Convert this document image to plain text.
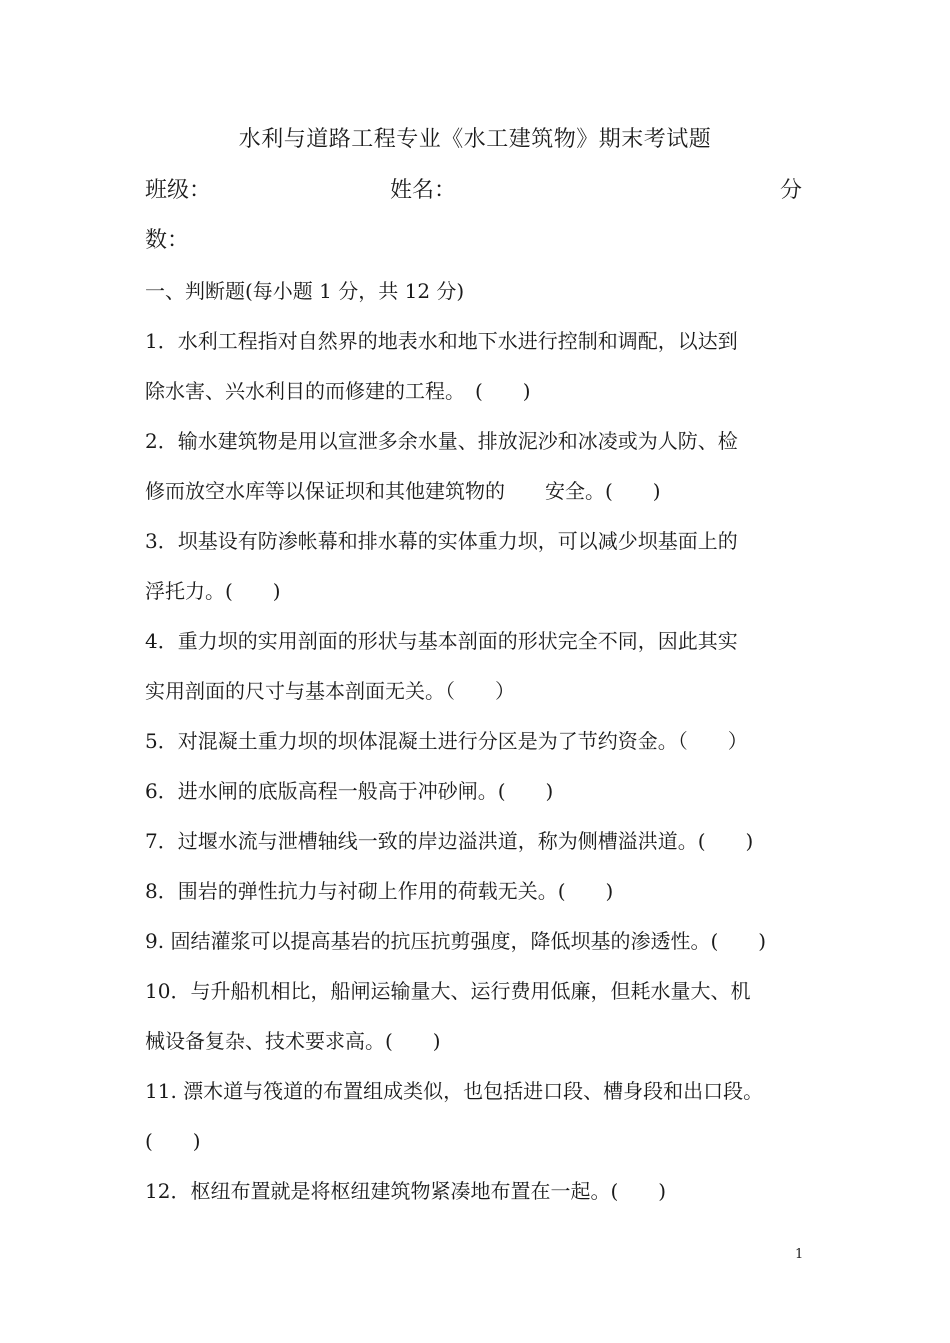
水利与道路工程专业《水工建筑物》期末考试题
班级：	姓名：	分
数：
一、判断题(每小题 1 分，共 12 分)
1．水利工程指对自然界的地表水和地下水进行控制和调配，以达到
除水害、兴水利目的而修建的工程。　(　　)
2．输水建筑物是用以宣泄多余水量、排放泥沙和冰凌或为人防、检
修而放空水库等以保证坝和其他建筑物的　　安全。(　　)
3．坝基设有防渗帐幕和排水幕的实体重力坝，可以减少坝基面上的
浮托力。(　　)
4．重力坝的实用剖面的形状与基本剖面的形状完全不同，因此其实
实用剖面的尺寸与基本剖面无关。（　　）
5．对混凝土重力坝的坝体混凝土进行分区是为了节约资金。（　　）
6．进水闸的底版高程一般高于冲砂闸。(　　)
7．过堰水流与泄槽轴线一致的岸边溢洪道，称为侧槽溢洪道。(　　)
8．围岩的弹性抗力与衬砌上作用的荷载无关。(　　)
9. 固结灌浆可以提高基岩的抗压抗剪强度，降低坝基的渗透性。(　　)
10．与升船机相比，船闸运输量大、运行费用低廉，但耗水量大、机
械设备复杂、技术要求高。(　　)
11. 漂木道与筏道的布置组成类似，也包括进口段、槽身段和出口段。
(　　)
12．枢纽布置就是将枢纽建筑物紧凑地布置在一起。(　　)
1
